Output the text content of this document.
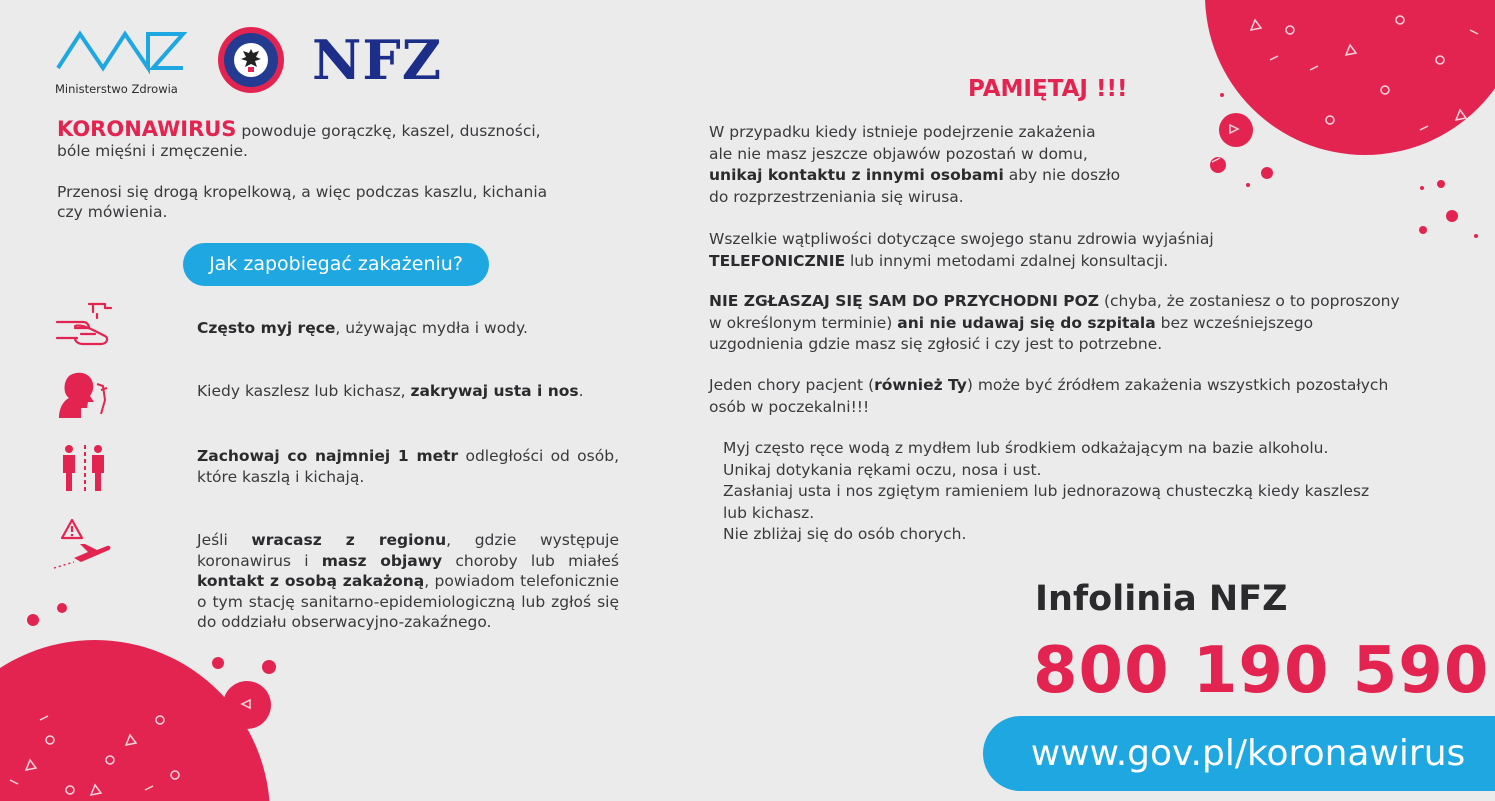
Ministerstwo Zdrowia NFZ
KORONAWIRUS powoduje gorączkę, kaszel, duszności,
bóle mięśni i zmęczenie.
Przenosi się drogą kropelkową, a więc podczas kaszlu, kichania
czy mówienia.
Jak zapobiegać zakażeniu?
Często myj ręce, używając mydła i wody.
Kiedy kaszlesz lub kichasz, zakrywaj usta i nos.
Zachowaj co najmniej 1 metr odległości od osób, które kaszlą i kichają.
Jeśli wracasz z regionu, gdzie występuje koronawirus i masz objawy choroby lub miałeś kontakt z osobą zakażoną, powiadom telefonicznie o tym stację sanitarno-epidemiologiczną lub zgłoś się do oddziału obserwacyjno-zakaźnego.
PAMIĘTAJ !!!
W przypadku kiedy istnieje podejrzenie zakażenia
ale nie masz jeszcze objawów pozostań w domu,
unikaj kontaktu z innymi osobami aby nie doszło
do rozprzestrzeniania się wirusa.
Wszelkie wątpliwości dotyczące swojego stanu zdrowia wyjaśniaj
TELEFONICZNIE lub innymi metodami zdalnej konsultacji.
NIE ZGŁASZAJ SIĘ SAM DO PRZYCHODNI POZ (chyba, że zostaniesz o to poproszony
w określonym terminie) ani nie udawaj się do szpitala bez wcześniejszego
uzgodnienia gdzie masz się zgłosić i czy jest to potrzebne.
Jeden chory pacjent (również Ty) może być źródłem zakażenia wszystkich pozostałych
osób w poczekalni!!!
Myj często ręce wodą z mydłem lub środkiem odkażającym na bazie alkoholu.
Unikaj dotykania rękami oczu, nosa i ust.
Zasłaniaj usta i nos zgiętym ramieniem lub jednorazową chusteczką kiedy kaszlesz
lub kichasz.
Nie zbliżaj się do osób chorych.
Infolinia NFZ
800 190 590
www.gov.pl/koronawirus
